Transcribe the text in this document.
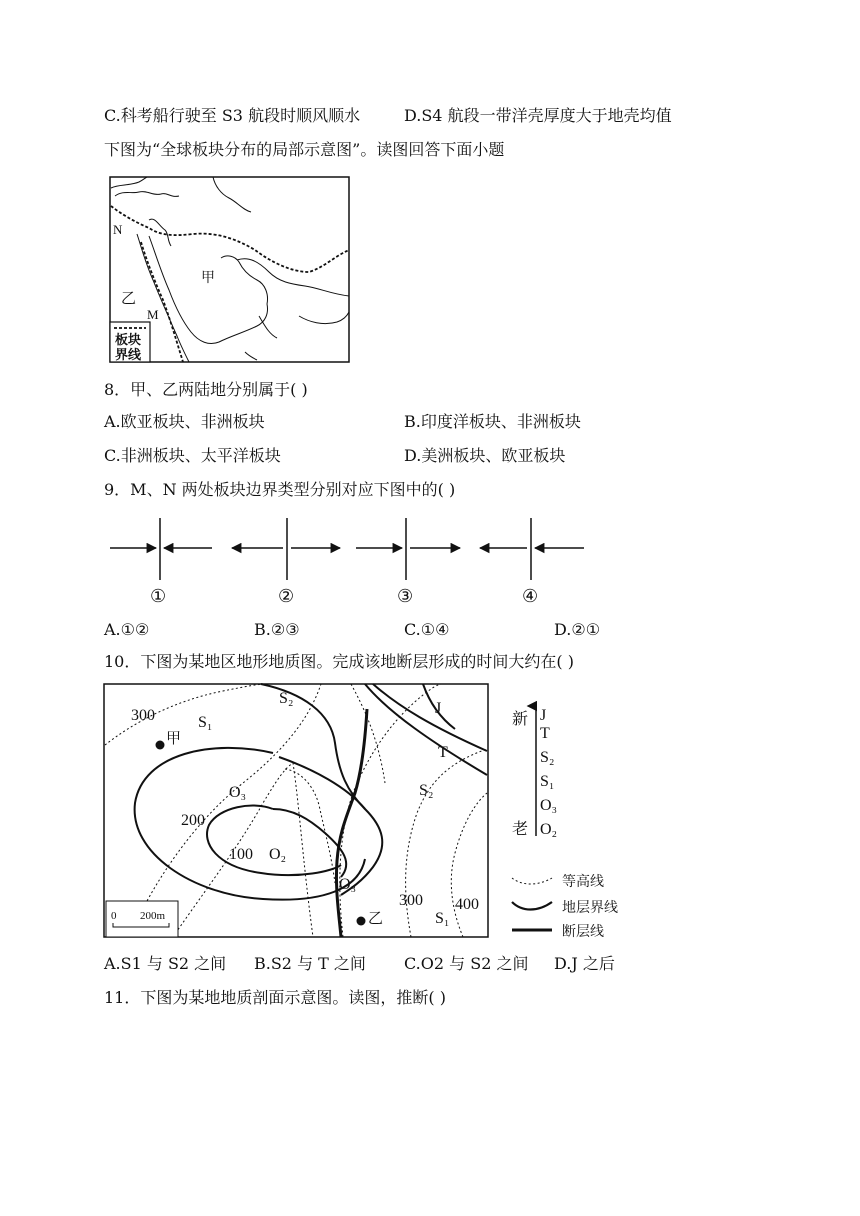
C.科考船行驶至 S3 航段时顺风顺水	D.S4 航段一带洋壳厚度大于地壳均值
下图为“全球板块分布的局部示意图”。读图回答下面小题
板块
界线
甲
乙
N
M
8．甲、乙两陆地分别属于( )
A.欧亚板块、非洲板块	B.印度洋板块、非洲板块
C.非洲板块、太平洋板块	D.美洲板块、欧亚板块
9．M、N 两处板块边界类型分别对应下图中的( )
①	②	③	④
A.①②	B.②③	C.①④	D.②①
10．下图为某地区地形地质图。完成该地断层形成的时间大约在( )
0 200m
S₂
J
300	S₁
甲
T
O₃	S₂
200
100 O₂
O₃
300 400
S₁
乙
新
老
J
T
S₂
S₁
O₃
O₂
等高线
地层界线
断层线
A.S1 与 S2 之间 B.S2 与 T 之间 C.O2 与 S2 之间 D.J 之后
11．下图为某地地质剖面示意图。读图，推断( )
